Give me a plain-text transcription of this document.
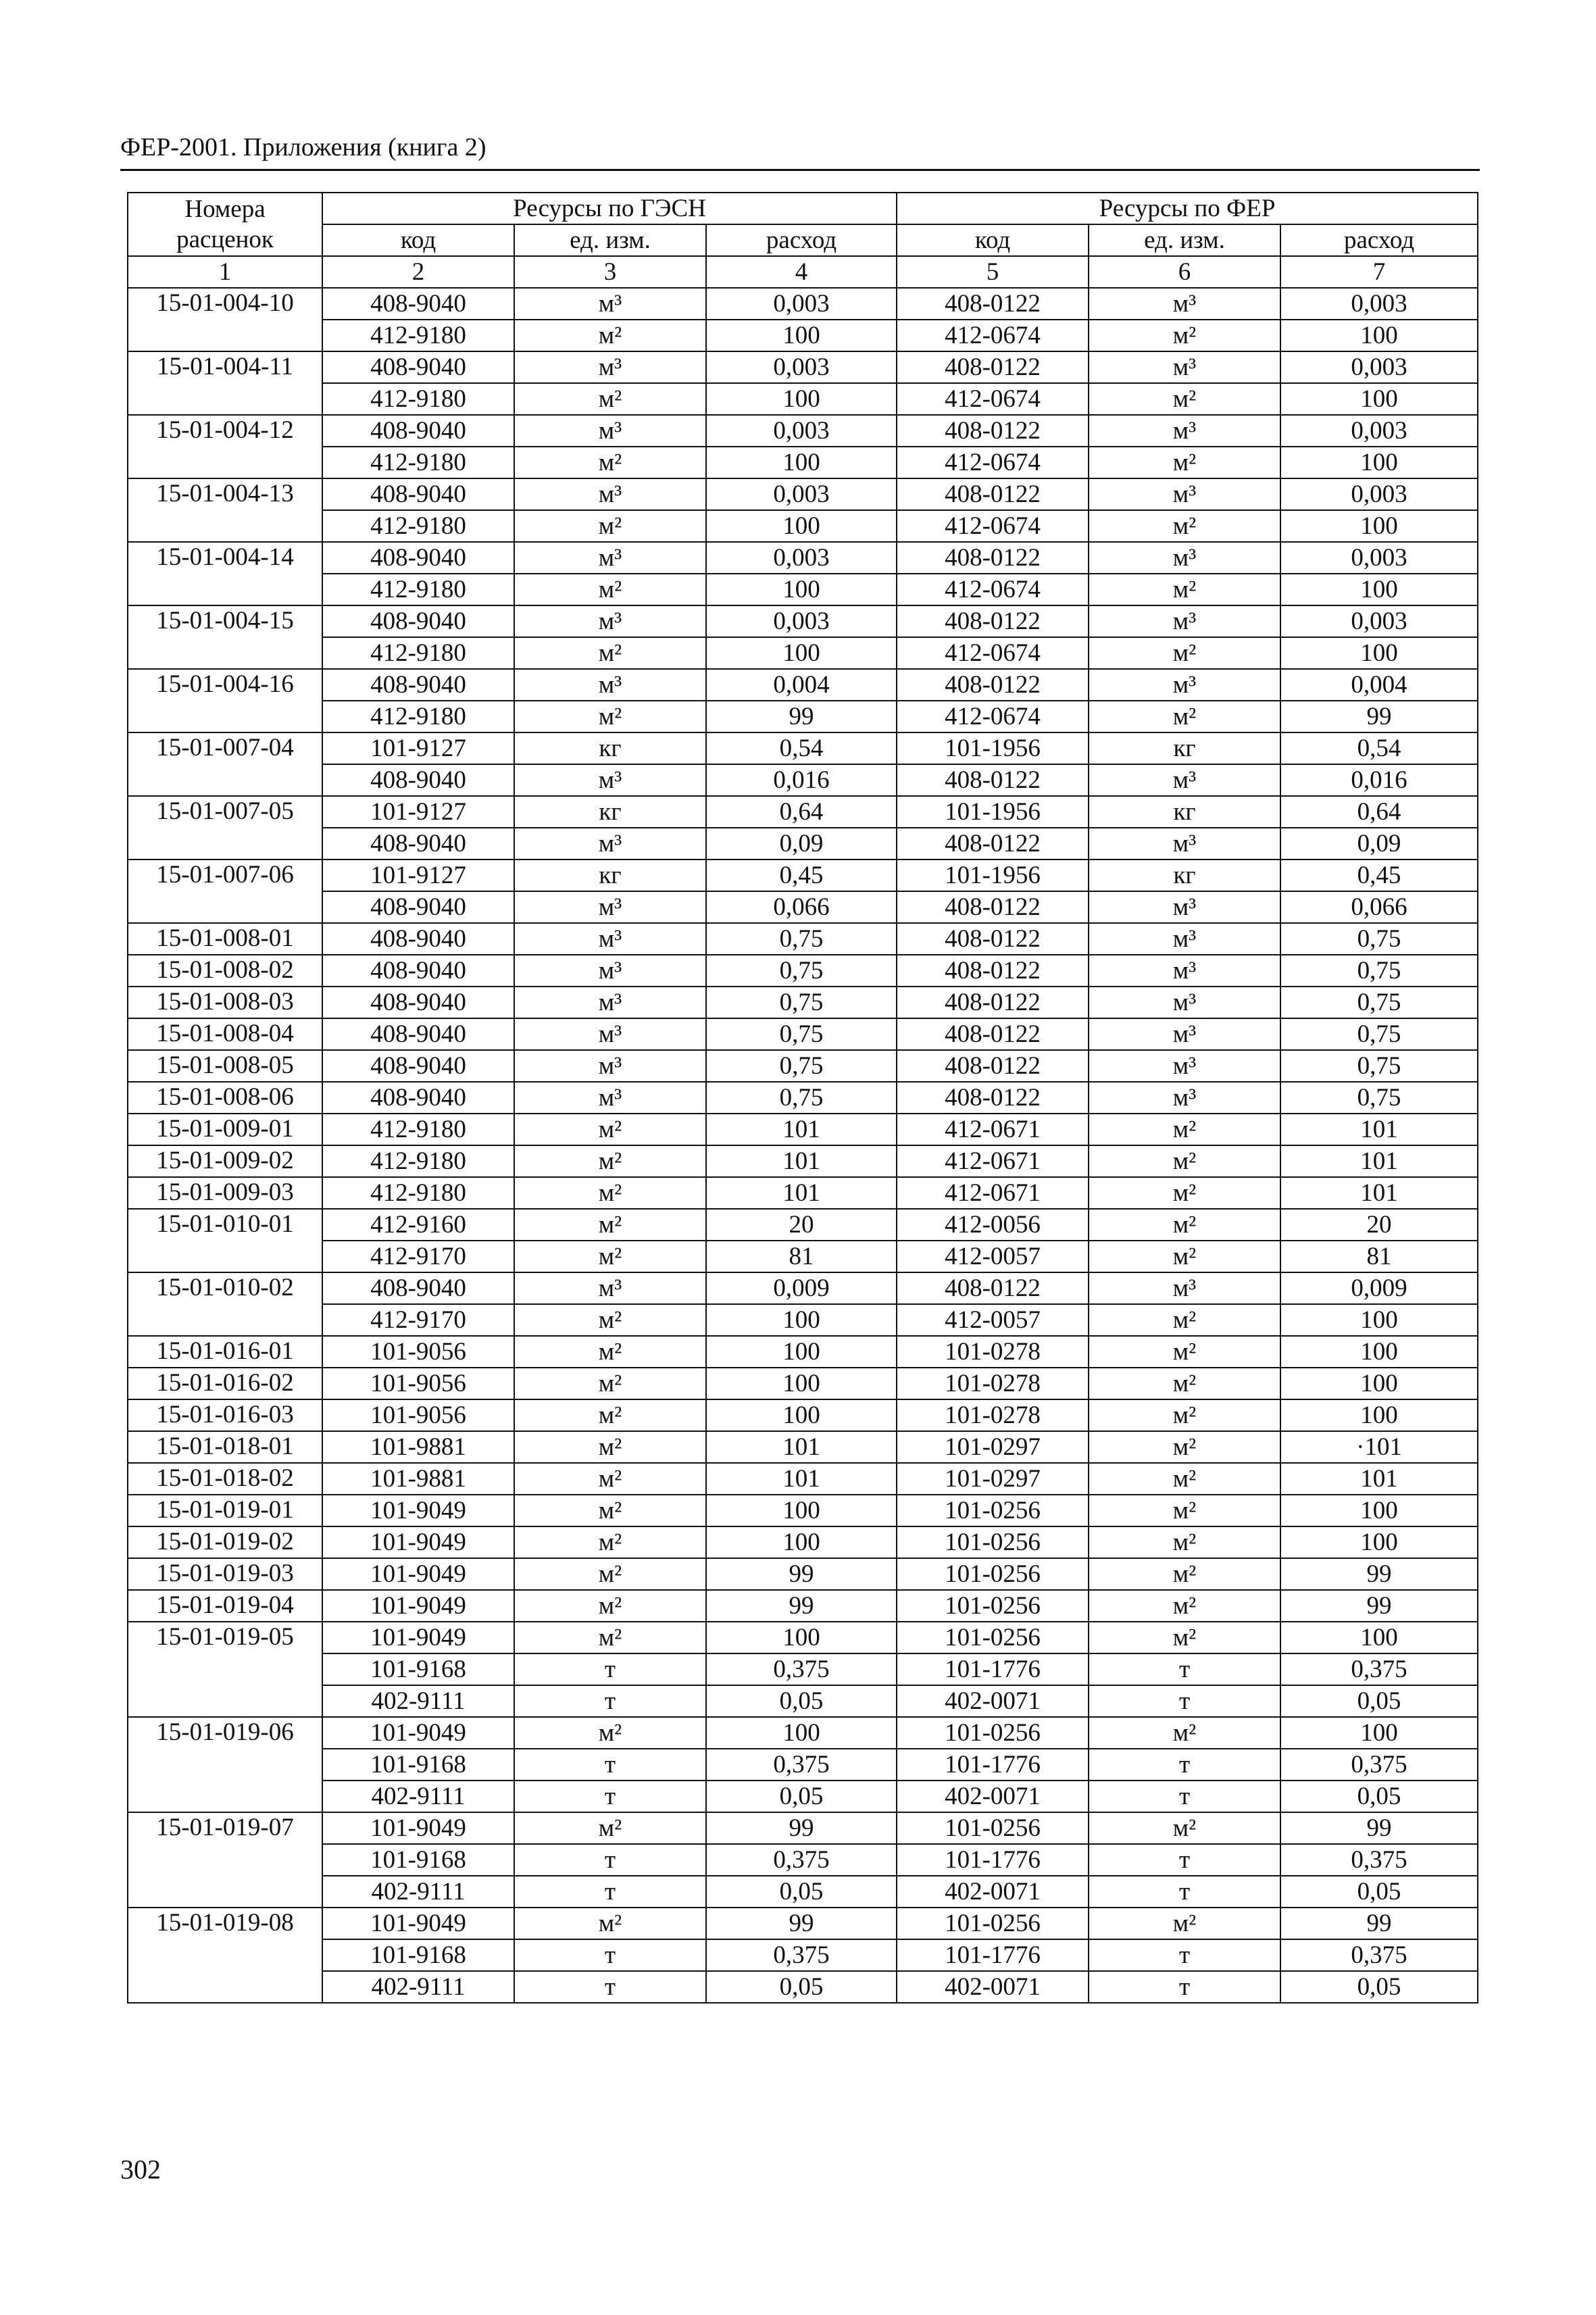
ФЕР-2001. Приложения (книга 2)
Номера расценок	Ресурсы по ГЭСН			Ресурсы по ФЕР		
	код	ед. изм.	расход	код	ед. изм.	расход
1	2	3	4	5	6	7
15-01-004-10	408-9040	м³	0,003	408-0122	м³	0,003
	412-9180	м²	100	412-0674	м²	100
15-01-004-11	408-9040	м³	0,003	408-0122	м³	0,003
	412-9180	м²	100	412-0674	м²	100
15-01-004-12	408-9040	м³	0,003	408-0122	м³	0,003
	412-9180	м²	100	412-0674	м²	100
15-01-004-13	408-9040	м³	0,003	408-0122	м³	0,003
	412-9180	м²	100	412-0674	м²	100
15-01-004-14	408-9040	м³	0,003	408-0122	м³	0,003
	412-9180	м²	100	412-0674	м²	100
15-01-004-15	408-9040	м³	0,003	408-0122	м³	0,003
	412-9180	м²	100	412-0674	м²	100
15-01-004-16	408-9040	м³	0,004	408-0122	м³	0,004
	412-9180	м²	99	412-0674	м²	99
15-01-007-04	101-9127	кг	0,54	101-1956	кг	0,54
	408-9040	м³	0,016	408-0122	м³	0,016
15-01-007-05	101-9127	кг	0,64	101-1956	кг	0,64
	408-9040	м³	0,09	408-0122	м³	0,09
15-01-007-06	101-9127	кг	0,45	101-1956	кг	0,45
	408-9040	м³	0,066	408-0122	м³	0,066
15-01-008-01	408-9040	м³	0,75	408-0122	м³	0,75
15-01-008-02	408-9040	м³	0,75	408-0122	м³	0,75
15-01-008-03	408-9040	м³	0,75	408-0122	м³	0,75
15-01-008-04	408-9040	м³	0,75	408-0122	м³	0,75
15-01-008-05	408-9040	м³	0,75	408-0122	м³	0,75
15-01-008-06	408-9040	м³	0,75	408-0122	м³	0,75
15-01-009-01	412-9180	м²	101	412-0671	м²	101
15-01-009-02	412-9180	м²	101	412-0671	м²	101
15-01-009-03	412-9180	м²	101	412-0671	м²	101
15-01-010-01	412-9160	м²	20	412-0056	м²	20
	412-9170	м²	81	412-0057	м²	81
15-01-010-02	408-9040	м³	0,009	408-0122	м³	0,009
	412-9170	м²	100	412-0057	м²	100
15-01-016-01	101-9056	м²	100	101-0278	м²	100
15-01-016-02	101-9056	м²	100	101-0278	м²	100
15-01-016-03	101-9056	м²	100	101-0278	м²	100
15-01-018-01	101-9881	м²	101	101-0297	м²	·101
15-01-018-02	101-9881	м²	101	101-0297	м²	101
15-01-019-01	101-9049	м²	100	101-0256	м²	100
15-01-019-02	101-9049	м²	100	101-0256	м²	100
15-01-019-03	101-9049	м²	99	101-0256	м²	99
15-01-019-04	101-9049	м²	99	101-0256	м²	99
15-01-019-05	101-9049	м²	100	101-0256	м²	100
	101-9168	т	0,375	101-1776	т	0,375
	402-9111	т	0,05	402-0071	т	0,05
15-01-019-06	101-9049	м²	100	101-0256	м²	100
	101-9168	т	0,375	101-1776	т	0,375
	402-9111	т	0,05	402-0071	т	0,05
15-01-019-07	101-9049	м²	99	101-0256	м²	99
	101-9168	т	0,375	101-1776	т	0,375
	402-9111	т	0,05	402-0071	т	0,05
15-01-019-08	101-9049	м²	99	101-0256	м²	99
	101-9168	т	0,375	101-1776	т	0,375
	402-9111	т	0,05	402-0071	т	0,05
302
